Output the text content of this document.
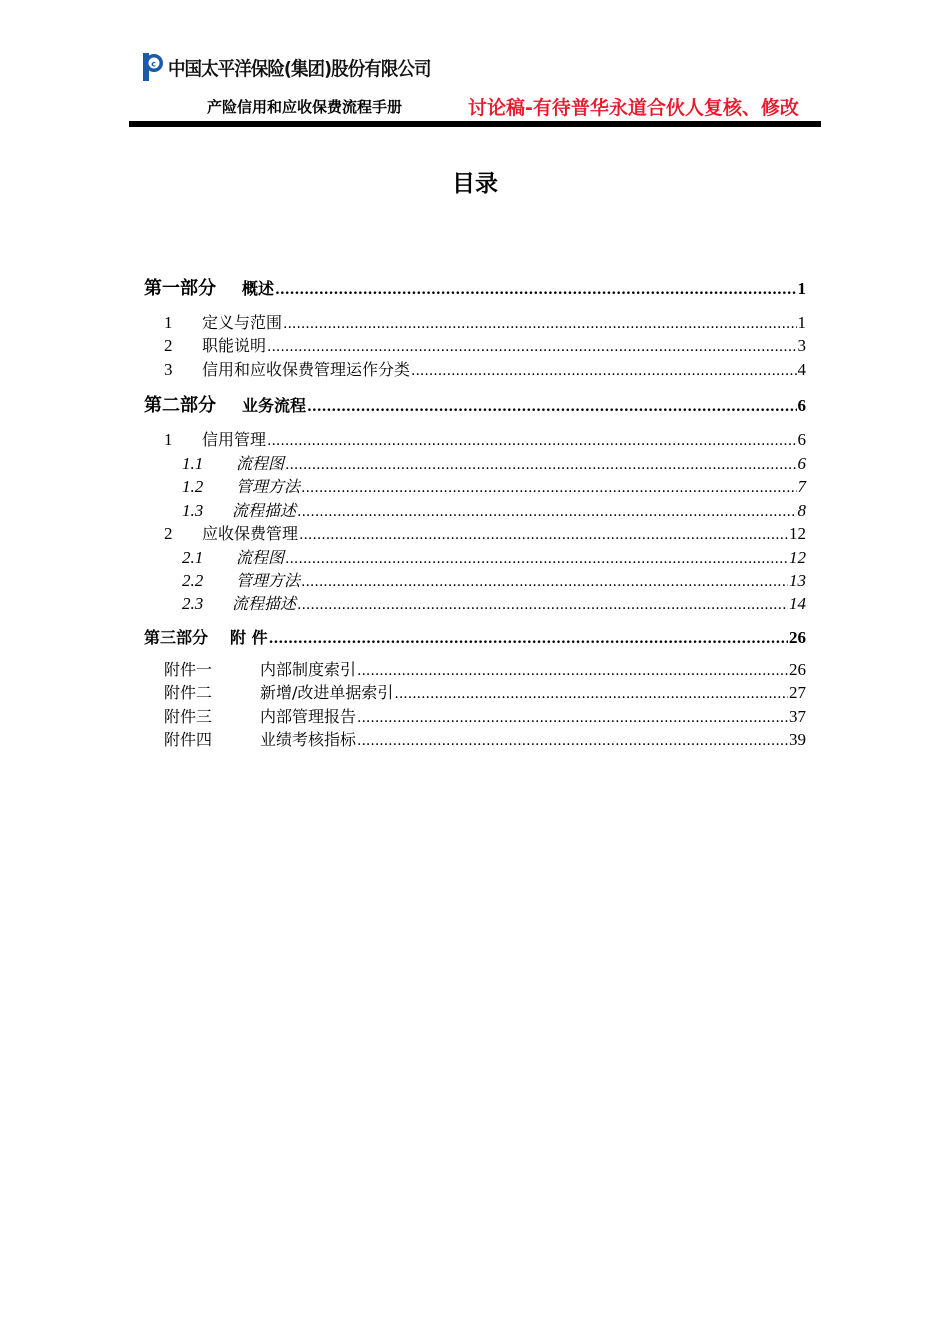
c 中国太平洋保险(集团)股份有限公司
产险信用和应收保费流程手册	讨论稿-有待普华永道合伙人复核、修改
目录
第一部分 概述 .....	1
1	定义与范围 .....	1
2	职能说明 .....	3
3	信用和应收保费管理运作分类 .....	4
第二部分 业务流程 .....	6
1	信用管理 .....	6
1.1	流程图 .....	6
1.2	管理方法 .....	7
1.3	流程描述 .....	8
2	应收保费管理 .....	12
2.1	流程图 .....	12
2.2	管理方法 .....	13
2.3	流程描述 .....	14
第三部分 附 件 .....	26
附件一	内部制度索引 .....	26
附件二	新增/改进单据索引 .....	27
附件三	内部管理报告 .....	37
附件四	业绩考核指标 .....	39
